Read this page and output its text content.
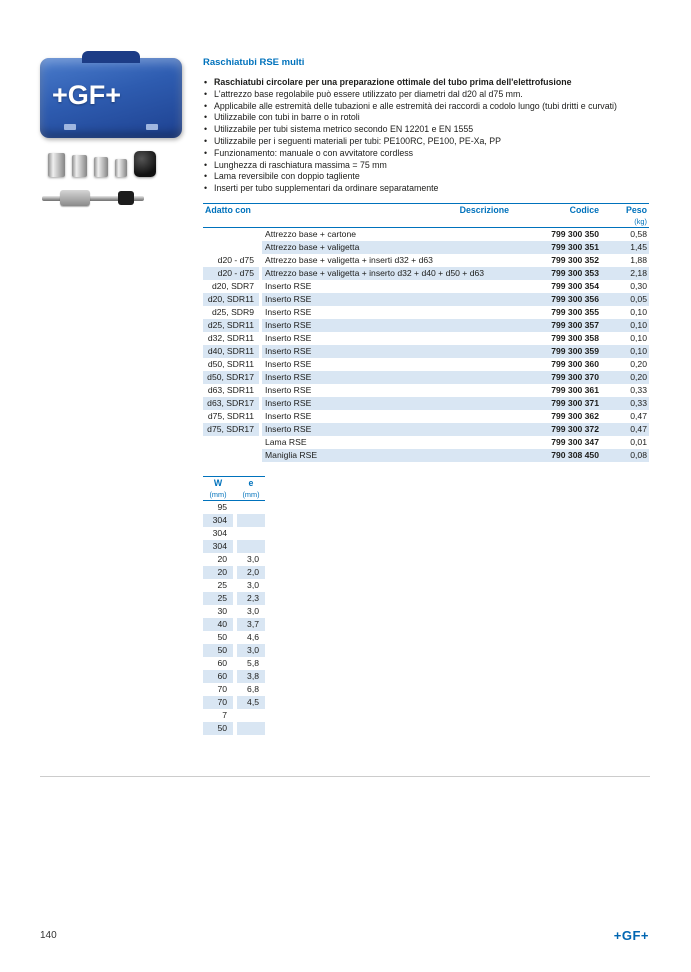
+GF+
Raschiatubi RSE multi
• Raschiatubi circolare per una preparazione ottimale del tubo prima dell'elettrofusione
• L'attrezzo base regolabile può essere utilizzato per diametri dal d20 al d75 mm.
• Applicabile alle estremità delle tubazioni e alle estremità dei raccordi a codolo lungo (tubi dritti e curvati)
• Utilizzabile con tubi in barre o in rotoli
• Utilizzabile per tubi sistema metrico secondo EN 12201 e EN 1555
• Utilizzabile per i seguenti materiali per tubi: PE100RC, PE100, PE-Xa, PP
• Funzionamento: manuale o con avvitatore cordless
• Lunghezza di raschiatura massima = 75 mm
• Lama reversibile con doppio tagliente
• Inserti per tubo supplementari da ordinare separatamente
Adatto con		Descrizione	Codice	Peso
				(kg)
		Attrezzo base + cartone	799 300 350	0,58
		Attrezzo base + valigetta	799 300 351	1,45
d20 - d75		Attrezzo base + valigetta + inserti d32 + d63	799 300 352	1,88
d20 - d75		Attrezzo base + valigetta + inserto d32 + d40 + d50 + d63	799 300 353	2,18
d20, SDR7		Inserto RSE	799 300 354	0,30
d20, SDR11		Inserto RSE	799 300 356	0,05
d25, SDR9		Inserto RSE	799 300 355	0,10
d25, SDR11		Inserto RSE	799 300 357	0,10
d32, SDR11		Inserto RSE	799 300 358	0,10
d40, SDR11		Inserto RSE	799 300 359	0,10
d50, SDR11		Inserto RSE	799 300 360	0,20
d50, SDR17		Inserto RSE	799 300 370	0,20
d63, SDR11		Inserto RSE	799 300 361	0,33
d63, SDR17		Inserto RSE	799 300 371	0,33
d75, SDR11		Inserto RSE	799 300 362	0,47
d75, SDR17		Inserto RSE	799 300 372	0,47
		Lama RSE	799 300 347	0,01
		Maniglia RSE	790 308 450	0,08
W		e
(mm)		(mm)
95		
304		
304		
304		
20		3,0
20		2,0
25		3,0
25		2,3
30		3,0
40		3,7
50		4,6
50		3,0
60		5,8
60		3,8
70		6,8
70		4,5
7		
50		
140	+GF+
